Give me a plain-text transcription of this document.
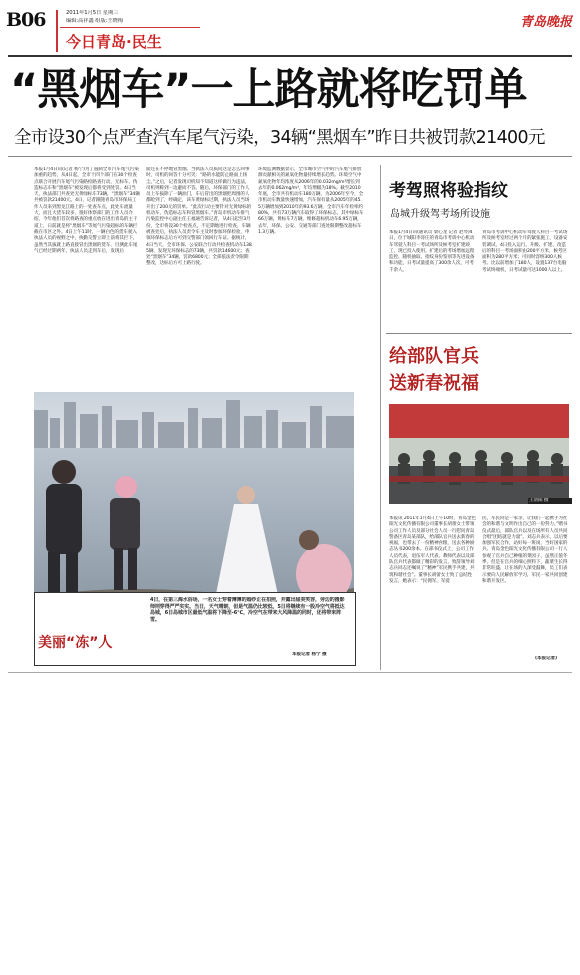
B06	2011年1月5日 星期三
编辑:高祥鑫 组版:王晓梅
今日青岛·民生
青岛晚报
“黑烟车”一上路就将吃罚单
全市设30个点严查汽车尾气污染，34辆“黑烟车”昨日共被罚款21400元
本报1月4日讯(记者 杨宁)为了遏制全市汽车尾气污染加重的趋势，从4日起，全市十四个部门在30个检查点联合开展汽车尾气污染路检路查行动，无标车、伪造标志车和“黑烟车”被发现后都将受到处罚。4日当天，执法部门共查处无黄绿标车73辆，“黑烟车”34辆共被罚款21400元。4日，记者跟随青岛市环保局工作人员来到黑龙江路上的一处查车点，此处车流量大，而且大货车较多，很好体察部门的工作人员介绍，今年他们首次将路查的重点放在进出青岛的主干道上，日前就是将“黑烟车”等尾气污染超标的车辆拦截在市区之外。4日上午11时，一辆白色的货车驶入执法人员的视野之中，执勤交警立即上前将其拦下，虽然当其拔就上路直接冒出黑烟的货车，目测此车尾气已经过期两年，执法人员走到车后，发现后
面还在不停地冒黑烟。当执法人员质问这是怎么回事时，司机的回答十分可笑：“路的水能防止路面上扬尘。”之后，记者发现司机知不知道这样做行为违法，司机则称到一边避而不答。随后，环保部门的工作人员上车拔除了一辆油门，车后冒出的黑烟把周围的人都呛到了，经确定，该车黄绿标过期，执法人员当场开出了200元的罚单。“此次行动主要针对无黄绿标的机动车，伪造标志车和冒黑烟车。”青岛市机动车排气污染监控中心副主任王福通告诉记者，从4日起至3月份，全市将设30个检查点，不定期地进行检查，车辆被查处后，执法人员责令车主及时参加环保检验，申领环保标志后方可到交警部门领回行车证。据统计，4日当天，全市环保、公安联合行动共检查机动车1385辆，发现无环保标志的73辆，共罚款14600元；查处“黑烟车”34辆，罚款6800元；全部依法责令限期整改，达标后方可上路行驶。
环境监测数据显示，全市城市空气中的汽车尾气排放源贡献相关的氮氧化物量持续增长趋势。环境空气中氮氧化物年均浓度从2006年的0.032mg/m³增长到去年的0.062mg/m³，年均增幅为18%。截至2010年底，全市共有机动车180万辆，为2006年至今，全市机动车数量快速增加，汽车保有量从2005年的45.5万辆增加到2010年的93.6万辆，全市汽车年检率约80%，共有73万辆汽车取得了环保标志，其中绿标车66万辆，黄标车7万辆，维修超标机动车6.95万辆，去年，环保、公安、交通等部门查处限期整改超标车1.3万辆。
美丽“冻”人
4日，在第三海水浴场，一名女士穿着薄薄的婚纱正在拍照，并露出甜美笑容，旁边的摄影师则穿得严严实实。当日，天气晴朗，但是气温仍比较低，5日将继续有一股冷空气将抵达岛城，6日岛城市区最低气温将下降至-6℃，冷空气在带来大风降温的同时，还将带来阵雪。
本报记者 杨宁 摄
考驾照将验指纹
岛城升级驾考场所设施
本报1月4日讯(通讯员 栾心龙 记者 赵琴)4日，位于城阳李哥庄的青岛市考训中心机动车驾驶人科目一考试场所及候考室扩建竣工，现已投入使用。扩建后的考场增加远程监控、随机抽取、指纹身份鉴别等先进设备和功能，日考试量提高了300余人次，可考千余人。
青岛市考训中心机动车驾驶人科目一考试场所及候考室经过两个月的紧张施工，设备安装调试，4日投入运行。升级、扩建、改造后的科目一考场面积由200平方米，候考区面积为280平方米；可同时容纳300人候考。比以前增加了180人，设置137台电脑考试终端机，日考试量可达1000人以上。
给部队官兵
送新春祝福
王清阳 摄
本报讯 2011年1月4日上午10时，青岛金色阳光文化传播有限公司董事长胡蕾女士带领公司工作人员及部分社会人员一行慰问青岛警备区青岛某部队，给部队官兵送去新春的祝福，也带去了一份精神食粮，送去各种励志丛书200余本。在部书仪式上，公司工作人员代表，退伍军人代表，教师代表以及部队官兵代表都做了精彩的发言，致辞领导刘志兵同志还嘱说了“精神”军民携手共建，共筑和谐社会”。董事长胡蕾女士致了总结性发言，她表示：“民拥军，军爱
民，军民同是一家亲，让我们一起携手为社会的和谐与文明作出自己的一份努力。”赠书仪式最后，部队官兵以及在场所有人员共同合唱“团结就是力量”。刘志兵表示，以后要加强军民合作，站好每一班岗，当好国家的兵。青岛金色阳光文化传播有限公司一行人参观了官兵自己种植的菜园子，虽然正值冬季，但是在官兵的细心照料下，蔬菜生长得非常旺盛，让在场的人深受鼓舞，员工们表示要向人民解放军学习，军民一家共同创建和谐开发区。
(本报记者)
